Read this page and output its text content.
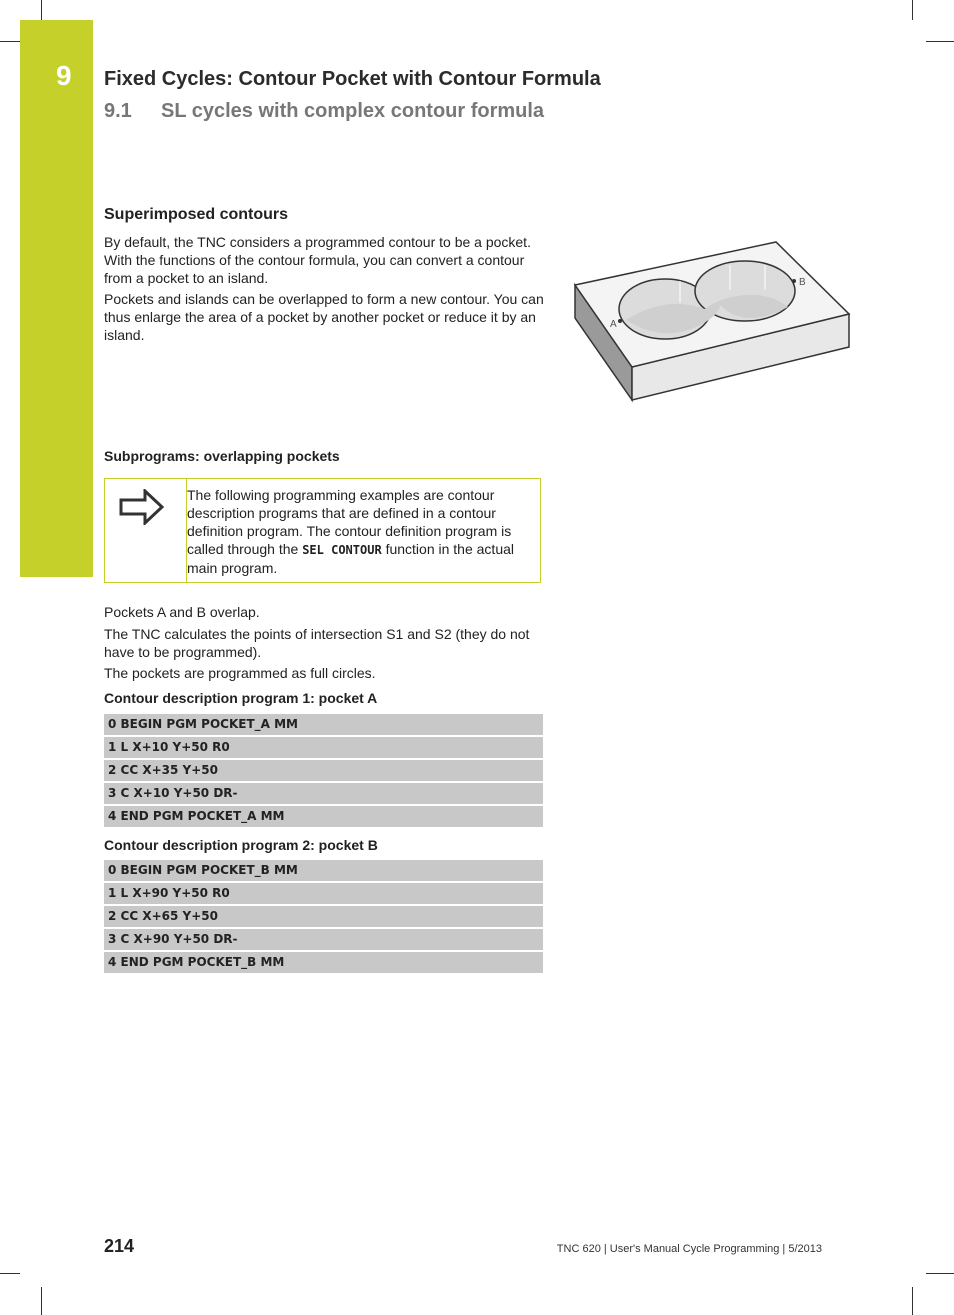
9 Fixed Cycles: Contour Pocket with Contour Formula
9.1 SL cycles with complex contour formula
Superimposed contours

By default, the TNC considers a programmed contour to be a pocket. With the functions of the contour formula, you can convert a contour from a pocket to an island.

Pockets and islands can be overlapped to form a new contour. You can thus enlarge the area of a pocket by another pocket or reduce it by an island.

A
B
Subprograms: overlapping pockets
The following programming examples are contour description programs that are defined in a contour definition program. The contour definition program is called through the SEL CONTOUR function in the actual main program.

Pockets A and B overlap.

The TNC calculates the points of intersection S1 and S2 (they do not have to be programmed).

The pockets are programmed as full circles.

Contour description program 1: pocket A
0 BEGIN PGM POCKET_A MM
1 L X+10 Y+50 R0
2 CC X+35 Y+50
3 C X+10 Y+50 DR-
4 END PGM POCKET_A MM
Contour description program 2: pocket B
0 BEGIN PGM POCKET_B MM
1 L X+90 Y+50 R0
2 CC X+65 Y+50
3 C X+90 Y+50 DR-
4 END PGM POCKET_B MM
214	TNC 620 | User's Manual Cycle Programming | 5/2013
